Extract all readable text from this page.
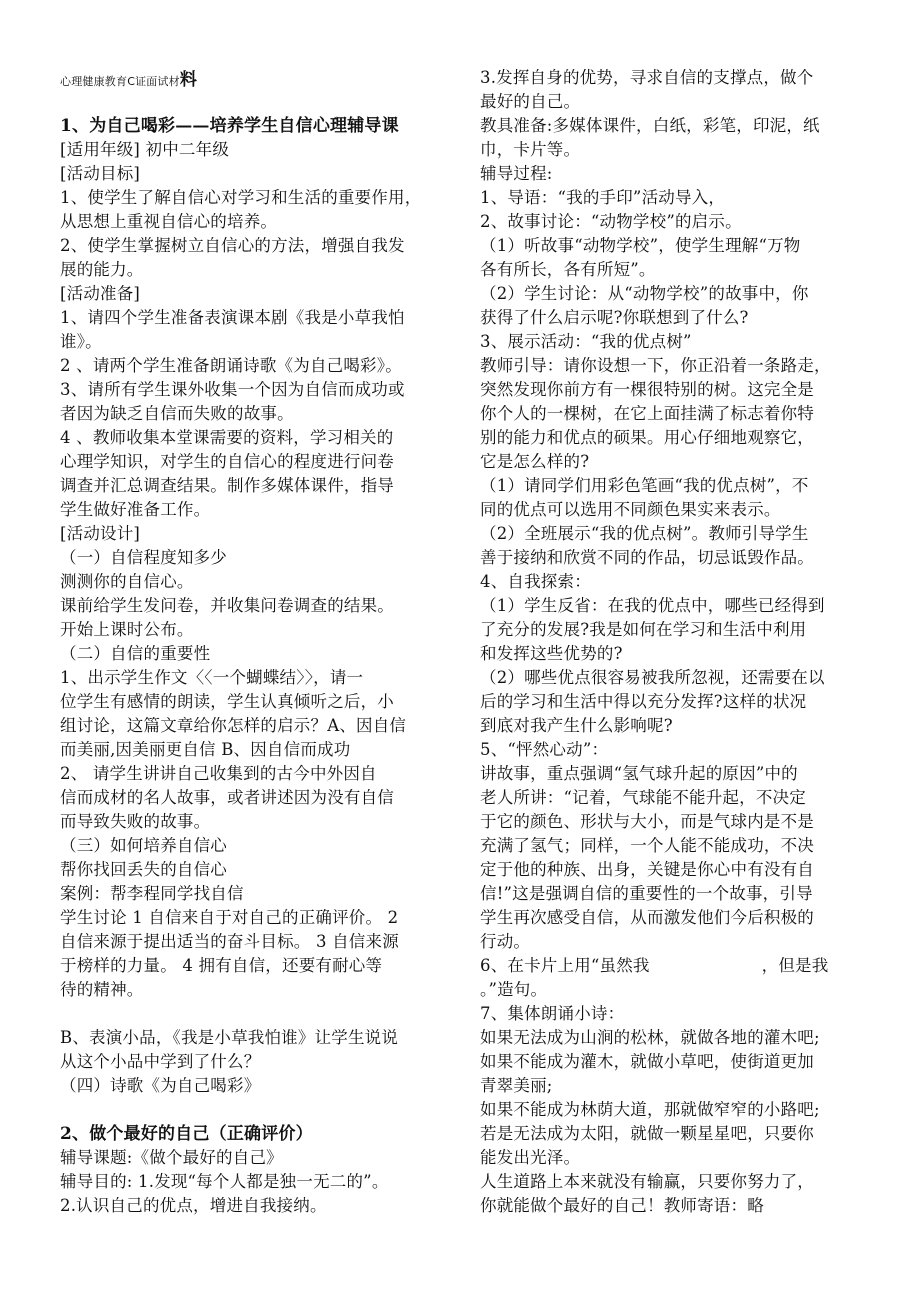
心理健康教育C证面试材料
1、为自己喝彩——培养学生自信心理辅导课
[适用年级] 初中二年级
[活动目标]
1、使学生了解自信心对学习和生活的重要作用，
从思想上重视自信心的培养。
2、使学生掌握树立自信心的方法，增强自我发
展的能力。
[活动准备]
1、请四个学生准备表演课本剧《我是小草我怕
谁》。
2 、请两个学生准备朗诵诗歌《为自己喝彩》。
3、请所有学生课外收集一个因为自信而成功或
者因为缺乏自信而失败的故事。
4 、教师收集本堂课需要的资料，学习相关的
心理学知识，对学生的自信心的程度进行问卷
调查并汇总调查结果。制作多媒体课件，指导
学生做好准备工作。
[活动设计]
（一）自信程度知多少
测测你的自信心。
课前给学生发问卷，并收集问卷调查的结果。
开始上课时公布。
（二）自信的重要性
1、出示学生作文〈〈一个蝴蝶结〉〉，请一
位学生有感情的朗读，学生认真倾听之后，小
组讨论，这篇文章给你怎样的启示？A、因自信
而美丽,因美丽更自信 B、因自信而成功
2、 请学生讲讲自己收集到的古今中外因自
信而成材的名人故事，或者讲述因为没有自信
而导致失败的故事。
（三）如何培养自信心
帮你找回丢失的自信心
案例：帮李程同学找自信
学生讨论 1 自信来自于对自己的正确评价。 2
自信来源于提出适当的奋斗目标。 3 自信来源
于榜样的力量。 4 拥有自信，还要有耐心等
待的精神。
B、表演小品，《我是小草我怕谁》让学生说说
从这个小品中学到了什么？
（四）诗歌《为自己喝彩》
2、做个最好的自己（正确评价）
辅导课题:《做个最好的自己》
辅导目的: 1.发现“每个人都是独一无二的”。
2.认识自己的优点，增进自我接纳。
3.发挥自身的优势，寻求自信的支撑点，做个
最好的自己。
教具准备:多媒体课件，白纸，彩笔，印泥，纸
巾，卡片等。
辅导过程:
1、导语：“我的手印”活动导入，
2、故事讨论：“动物学校”的启示。
（1）听故事“动物学校”，使学生理解“万物
各有所长，各有所短”。
（2）学生讨论：从“动物学校”的故事中，你
获得了什么启示呢?你联想到了什么?
3、展示活动：“我的优点树”
教师引导：请你设想一下，你正沿着一条路走，
突然发现你前方有一棵很特别的树。这完全是
你个人的一棵树，在它上面挂满了标志着你特
别的能力和优点的硕果。用心仔细地观察它，
它是怎么样的?
（1）请同学们用彩色笔画“我的优点树”，不
同的优点可以选用不同颜色果实来表示。
（2）全班展示“我的优点树”。教师引导学生
善于接纳和欣赏不同的作品，切忌诋毁作品。
4、自我探索：
（1）学生反省：在我的优点中，哪些已经得到
了充分的发展?我是如何在学习和生活中利用
和发挥这些优势的?
（2）哪些优点很容易被我所忽视，还需要在以
后的学习和生活中得以充分发挥?这样的状况
到底对我产生什么影响呢?
5、“怦然心动”：
讲故事，重点强调“氢气球升起的原因”中的
老人所讲：“记着，气球能不能升起，不决定
于它的颜色、形状与大小，而是气球内是不是
充满了氢气；同样，一个人能不能成功，不决
定于他的种族、出身，关键是你心中有没有自
信!”这是强调自信的重要性的一个故事，引导
学生再次感受自信，从而激发他们今后积极的
行动。
6、在卡片上用“虽然我	，但是我
。”造句。
7、集体朗诵小诗：
如果无法成为山涧的松林，就做各地的灌木吧;
如果不能成为灌木，就做小草吧，使街道更加
青翠美丽;
如果不能成为林荫大道，那就做窄窄的小路吧;
若是无法成为太阳，就做一颗星星吧，只要你
能发出光泽。
人生道路上本来就没有输赢，只要你努力了，
你就能做个最好的自己！教师寄语：略
